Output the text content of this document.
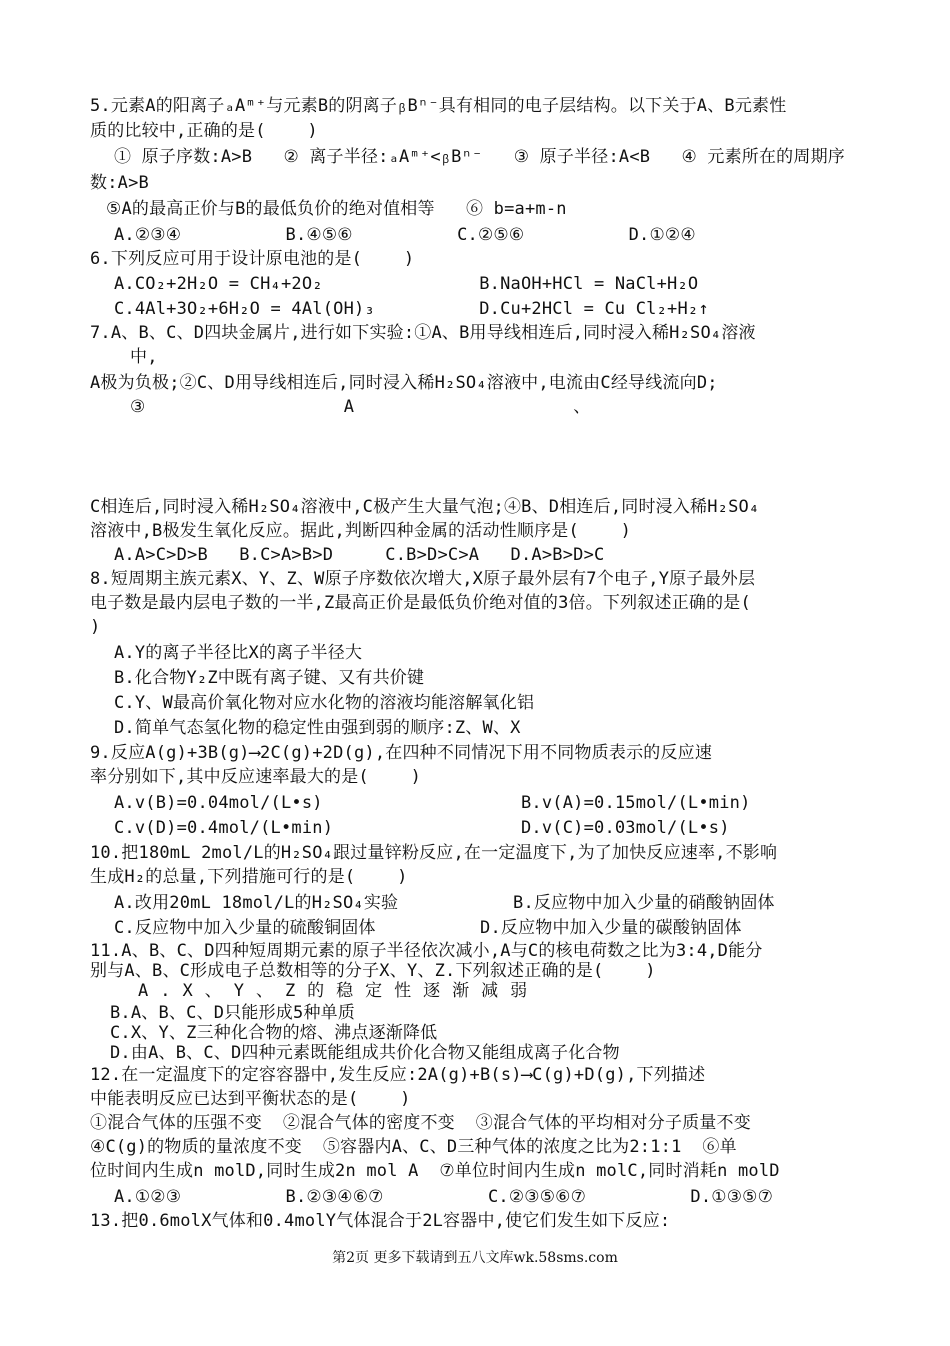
5.元素A的阳离子ₐAᵐ⁺与元素B的阴离子ᵦBⁿ⁻具有相同的电子层结构。以下关于A、B元素性
质的比较中,正确的是(    )
① 原子序数:A>B   ② 离子半径:ₐAᵐ⁺<ᵦBⁿ⁻   ③ 原子半径:A<B   ④ 元素所在的周期序
数:A>B
⑤A的最高正价与B的最低负价的绝对值相等   ⑥ b=a+m-n
A.②③④          B.④⑤⑥          C.②⑤⑥          D.①②④
6.下列反应可用于设计原电池的是(    )
A.CO₂+2H₂O = CH₄+2O₂               B.NaOH+HCl = NaCl+H₂O
C.4Al+3O₂+6H₂O = 4Al(OH)₃          D.Cu+2HCl = Cu Cl₂+H₂↑
7.A、B、C、D四块金属片,进行如下实验:①A、B用导线相连后,同时浸入稀H₂SO₄溶液
中,
A极为负极;②C、D用导线相连后,同时浸入稀H₂SO₄溶液中,电流由C经导线流向D;
③                   A                     、
C相连后,同时浸入稀H₂SO₄溶液中,C极产生大量气泡;④B、D相连后,同时浸入稀H₂SO₄
溶液中,B极发生氧化反应。据此,判断四种金属的活动性顺序是(    )
A.A>C>D>B   B.C>A>B>D     C.B>D>C>A   D.A>B>D>C
8.短周期主族元素X、Y、Z、W原子序数依次增大,X原子最外层有7个电子,Y原子最外层
电子数是最内层电子数的一半,Z最高正价是最低负价绝对值的3倍。下列叙述正确的是(
)
A.Y的离子半径比X的离子半径大
B.化合物Y₂Z中既有离子键、又有共价键
C.Y、W最高价氧化物对应水化物的溶液均能溶解氧化铝
D.简单气态氢化物的稳定性由强到弱的顺序:Z、W、X
9.反应A(g)+3B(g)⟶2C(g)+2D(g),在四种不同情况下用不同物质表示的反应速
率分别如下,其中反应速率最大的是(    )
A.v(B)=0.04mol/(L•s)                   B.v(A)=0.15mol/(L•min)
C.v(D)=0.4mol/(L•min)                  D.v(C)=0.03mol/(L•s)
10.把180mL 2mol/L的H₂SO₄跟过量锌粉反应,在一定温度下,为了加快反应速率,不影响
生成H₂的总量,下列措施可行的是(    )
A.改用20mL 18mol/L的H₂SO₄实验           B.反应物中加入少量的硝酸钠固体
C.反应物中加入少量的硫酸铜固体          D.反应物中加入少量的碳酸钠固体
11.A、B、C、D四种短周期元素的原子半径依次减小,A与C的核电荷数之比为3:4,D能分
别与A、B、C形成电子总数相等的分子X、Y、Z.下列叙述正确的是(    )
A.X、Y、Z的稳定性逐渐减弱
B.A、B、C、D只能形成5种单质
C.X、Y、Z三种化合物的熔、沸点逐渐降低
D.由A、B、C、D四种元素既能组成共价化合物又能组成离子化合物
12.在一定温度下的定容容器中,发生反应:2A(g)+B(s)⟶C(g)+D(g),下列描述
中能表明反应已达到平衡状态的是(    )
①混合气体的压强不变  ②混合气体的密度不变  ③混合气体的平均相对分子质量不变
④C(g)的物质的量浓度不变  ⑤容器内A、C、D三种气体的浓度之比为2:1:1  ⑥单
位时间内生成n molD,同时生成2n mol A  ⑦单位时间内生成n molC,同时消耗n molD
A.①②③          B.②③④⑥⑦          C.②③⑤⑥⑦          D.①③⑤⑦
13.把0.6molX气体和0.4molY气体混合于2L容器中,使它们发生如下反应:
第2页 更多下载请到五八文库wk.58sms.com
